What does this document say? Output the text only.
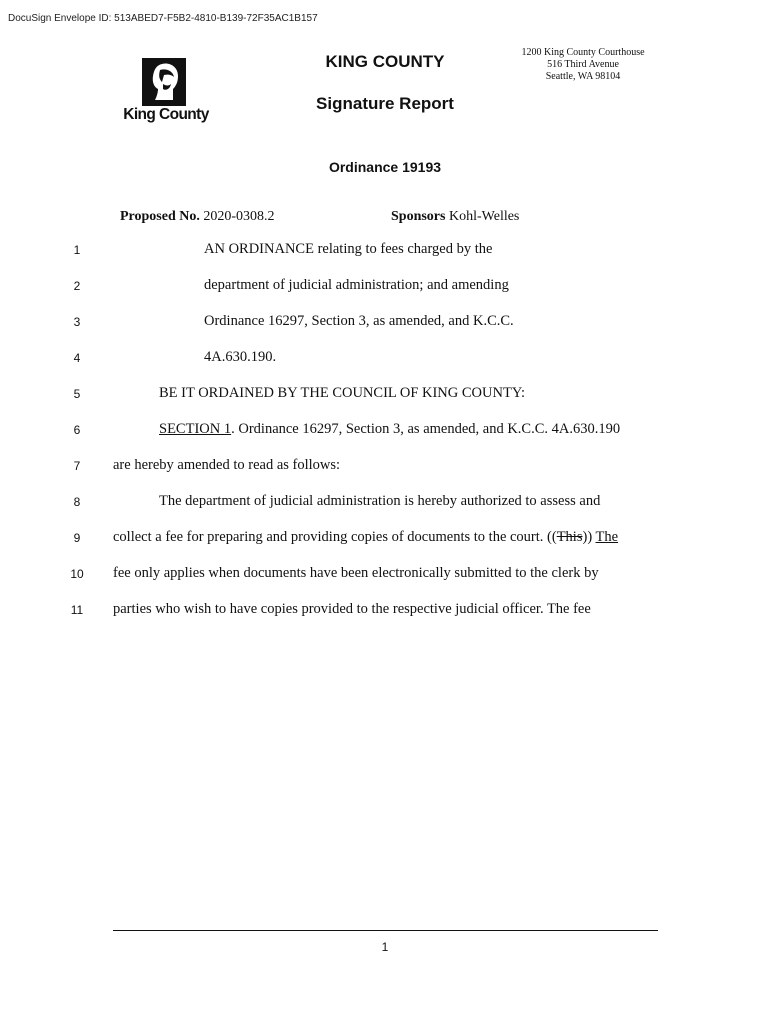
DocuSign Envelope ID: 513ABED7-F5B2-4810-B139-72F35AC1B157
King County
KING COUNTY
Signature Report
1200 King County Courthouse
516 Third Avenue
Seattle, WA 98104
Ordinance 19193
Proposed No. 2020-0308.2	Sponsors Kohl-Welles
1	AN ORDINANCE relating to fees charged by the
2	department of judicial administration; and amending
3	Ordinance 16297, Section 3, as amended, and K.C.C.
4	4A.630.190.
5	BE IT ORDAINED BY THE COUNCIL OF KING COUNTY:
6	SECTION 1. Ordinance 16297, Section 3, as amended, and K.C.C. 4A.630.190
7	are hereby amended to read as follows:
8	The department of judicial administration is hereby authorized to assess and
9	collect a fee for preparing and providing copies of documents to the court. ((This)) The
10	fee only applies when documents have been electronically submitted to the clerk by
11	parties who wish to have copies provided to the respective judicial officer. The fee
1
